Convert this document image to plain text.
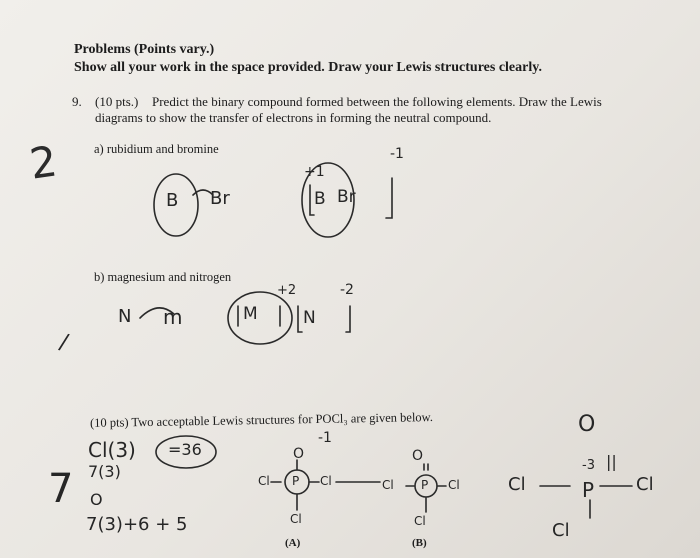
Problems (Points vary.)
Show all your work in the space provided. Draw your Lewis structures clearly.
9. (10 pts.) Predict the binary compound formed between the following elements. Draw the Lewis
diagrams to show the transfer of electrons in forming the neutral compound.
2	a) rubidium and bromine
B Br
+1
-1
B Br
b) magnesium and nitrogen
N m	M
+2
N
-2
/
(10 pts) Two acceptable Lewis structures for POCl₃ are given below.
7
Cl(3) =36
7(3)
O
7(3)+6 + 5
-1
O
Cl P Cl
Cl
(A)
O
Cl P Cl
Cl
(B)
O
-3 ||
Cl	P Cl
Cl
